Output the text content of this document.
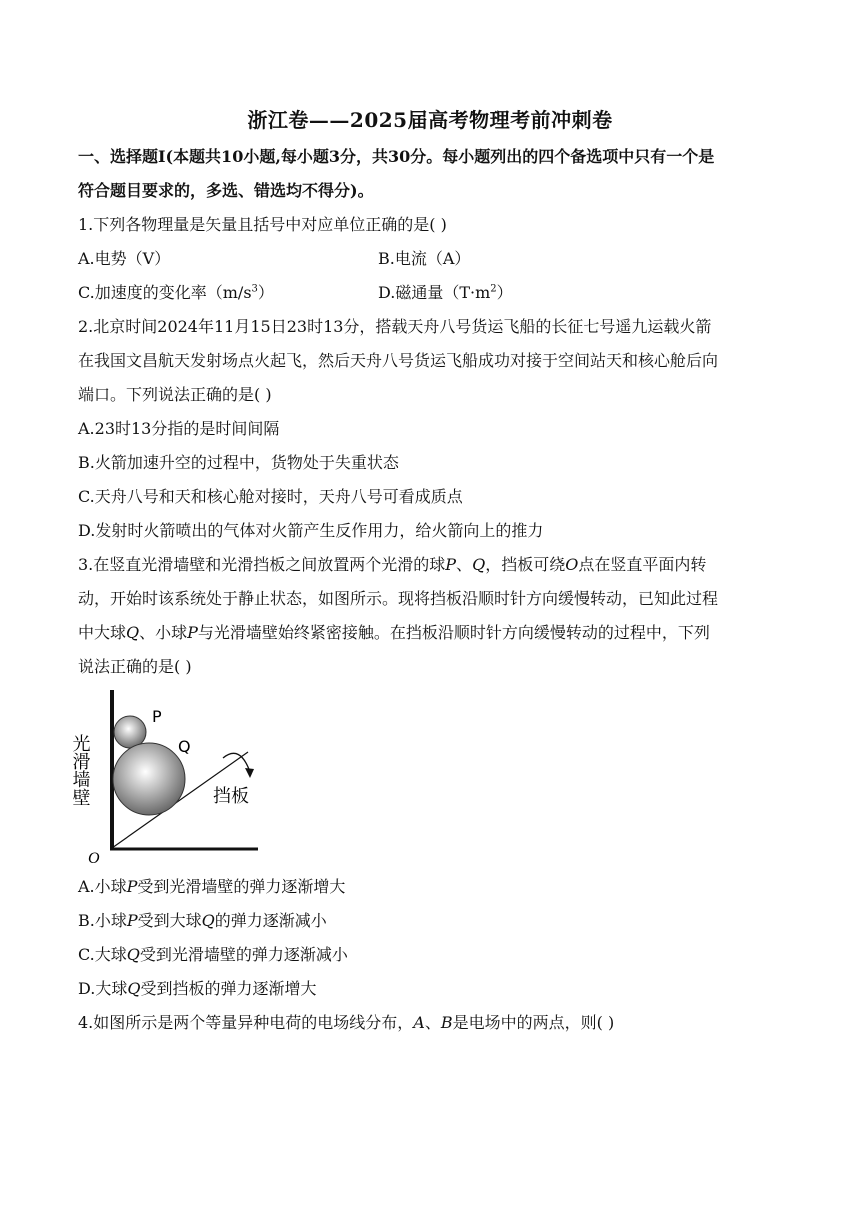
浙江卷——2025届高考物理考前冲刺卷
一、选择题I(本题共10小题,每小题3分，共30分。每小题列出的四个备选项中只有一个是
符合题目要求的，多选、错选均不得分)。
1.下列各物理量是矢量且括号中对应单位正确的是( )
A.电势（V）	B.电流（A）
C.加速度的变化率$(m/s^3)$	D.磁通量$(T\cdot m^2)$
2.北京时间2024年11月15日23时13分，搭载天舟八号货运飞船的长征七号遥九运载火箭
在我国文昌航天发射场点火起飞，然后天舟八号货运飞船成功对接于空间站天和核心舱后向
端口。下列说法正确的是( )
A.23时13分指的是时间间隔
B.火箭加速升空的过程中，货物处于失重状态
C.天舟八号和天和核心舱对接时，天舟八号可看成质点
D.发射时火箭喷出的气体对火箭产生反作用力，给火箭向上的推力
3.在竖直光滑墙壁和光滑挡板之间放置两个光滑的球P、Q，挡板可绕O点在竖直平面内转
动，开始时该系统处于静止状态，如图所示。现将挡板沿顺时针方向缓慢转动，已知此过程
中大球Q、小球P与光滑墙壁始终紧密接触。在挡板沿顺时针方向缓慢转动的过程中，下列
说法正确的是( )
P
Q
挡板
光滑墙壁
O
A.小球P受到光滑墙壁的弹力逐渐增大
B.小球P受到大球Q的弹力逐渐减小
C.大球Q受到光滑墙壁的弹力逐渐减小
D.大球Q受到挡板的弹力逐渐增大
4.如图所示是两个等量异种电荷的电场线分布，A、B是电场中的两点，则( )
